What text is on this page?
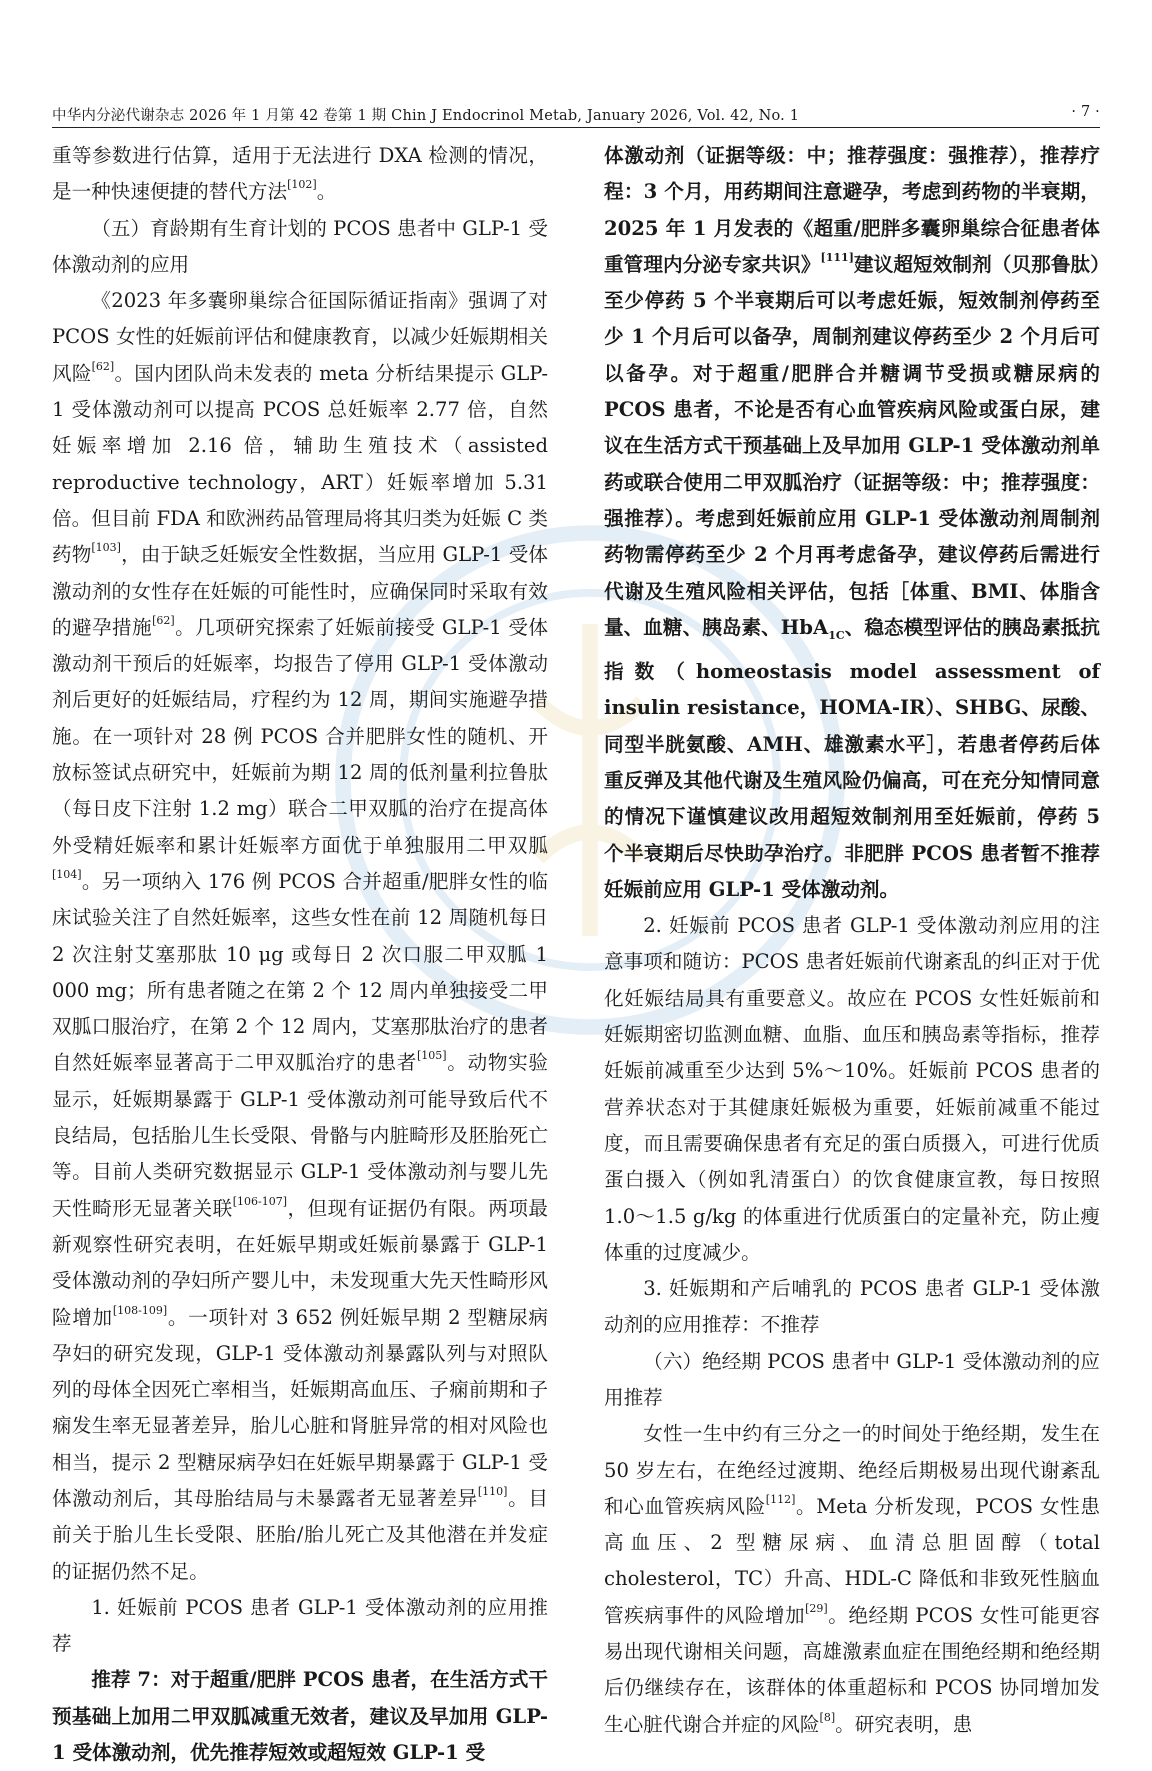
中华内分泌代谢杂志 2026 年 1 月第 42 卷第 1 期 Chin J Endocrinol Metab, January 2026, Vol. 42, No. 1	· 7 ·

重等参数进行估算，适用于无法进行 DXA 检测的情况，是一种快速便捷的替代方法[102]。

（五）育龄期有生育计划的 PCOS 患者中 GLP-1 受体激动剂的应用

《2023 年多囊卵巢综合征国际循证指南》强调了对 PCOS 女性的妊娠前评估和健康教育，以减少妊娠期相关风险[62]。国内团队尚未发表的 meta 分析结果提示 GLP-1 受体激动剂可以提高 PCOS 总妊娠率 2.77 倍，自然妊娠率增加 2.16 倍，辅助生殖技术（assisted reproductive technology，ART）妊娠率增加 5.31 倍。但目前 FDA 和欧洲药品管理局将其归类为妊娠 C 类药物[103]，由于缺乏妊娠安全性数据，当应用 GLP-1 受体激动剂的女性存在妊娠的可能性时，应确保同时采取有效的避孕措施[62]。几项研究探索了妊娠前接受 GLP-1 受体激动剂干预后的妊娠率，均报告了停用 GLP-1 受体激动剂后更好的妊娠结局，疗程约为 12 周，期间实施避孕措施。在一项针对 28 例 PCOS 合并肥胖女性的随机、开放标签试点研究中，妊娠前为期 12 周的低剂量利拉鲁肽（每日皮下注射 1.2 mg）联合二甲双胍的治疗在提高体外受精妊娠率和累计妊娠率方面优于单独服用二甲双胍[104]。另一项纳入 176 例 PCOS 合并超重/肥胖女性的临床试验关注了自然妊娠率，这些女性在前 12 周随机每日 2 次注射艾塞那肽 10 μg 或每日 2 次口服二甲双胍 1 000 mg；所有患者随之在第 2 个 12 周内单独接受二甲双胍口服治疗，在第 2 个 12 周内，艾塞那肽治疗的患者自然妊娠率显著高于二甲双胍治疗的患者[105]。动物实验显示，妊娠期暴露于 GLP-1 受体激动剂可能导致后代不良结局，包括胎儿生长受限、骨骼与内脏畸形及胚胎死亡等。目前人类研究数据显示 GLP-1 受体激动剂与婴儿先天性畸形无显著关联[106-107]，但现有证据仍有限。两项最新观察性研究表明，在妊娠早期或妊娠前暴露于 GLP-1 受体激动剂的孕妇所产婴儿中，未发现重大先天性畸形风险增加[108-109]。一项针对 3 652 例妊娠早期 2 型糖尿病孕妇的研究发现，GLP-1 受体激动剂暴露队列与对照队列的母体全因死亡率相当，妊娠期高血压、子痫前期和子痫发生率无显著差异，胎儿心脏和肾脏异常的相对风险也相当，提示 2 型糖尿病孕妇在妊娠早期暴露于 GLP-1 受体激动剂后，其母胎结局与未暴露者无显著差异[110]。目前关于胎儿生长受限、胚胎/胎儿死亡及其他潜在并发症的证据仍然不足。

1. 妊娠前 PCOS 患者 GLP-1 受体激动剂的应用推荐

推荐 7：对于超重/肥胖 PCOS 患者，在生活方式干预基础上加用二甲双胍减重无效者，建议及早加用 GLP-1 受体激动剂，优先推荐短效或超短效 GLP-1 受

体激动剂（证据等级：中；推荐强度：强推荐），推荐疗程：3 个月，用药期间注意避孕，考虑到药物的半衰期，2025 年 1 月发表的《超重/肥胖多囊卵巢综合征患者体重管理内分泌专家共识》[111]建议超短效制剂（贝那鲁肽）至少停药 5 个半衰期后可以考虑妊娠，短效制剂停药至少 1 个月后可以备孕，周制剂建议停药至少 2 个月后可以备孕。对于超重/肥胖合并糖调节受损或糖尿病的 PCOS 患者，不论是否有心血管疾病风险或蛋白尿，建议在生活方式干预基础上及早加用 GLP-1 受体激动剂单药或联合使用二甲双胍治疗（证据等级：中；推荐强度：强推荐）。考虑到妊娠前应用 GLP-1 受体激动剂周制剂药物需停药至少 2 个月再考虑备孕，建议停药后需进行代谢及生殖风险相关评估，包括［体重、BMI、体脂含量、血糖、胰岛素、HbA$_{1C}$、稳态模型评估的胰岛素抵抗指数（homeostasis model assessment of insulin resistance，HOMA-IR）、SHBG、尿酸、同型半胱氨酸、AMH、雄激素水平］，若患者停药后体重反弹及其他代谢及生殖风险仍偏高，可在充分知情同意的情况下谨慎建议改用超短效制剂用至妊娠前，停药 5 个半衰期后尽快助孕治疗。非肥胖 PCOS 患者暂不推荐妊娠前应用 GLP-1 受体激动剂。

2. 妊娠前 PCOS 患者 GLP-1 受体激动剂应用的注意事项和随访：PCOS 患者妊娠前代谢紊乱的纠正对于优化妊娠结局具有重要意义。故应在 PCOS 女性妊娠前和妊娠期密切监测血糖、血脂、血压和胰岛素等指标，推荐妊娠前减重至少达到 5%～10%。妊娠前 PCOS 患者的营养状态对于其健康妊娠极为重要，妊娠前减重不能过度，而且需要确保患者有充足的蛋白质摄入，可进行优质蛋白摄入（例如乳清蛋白）的饮食健康宣教，每日按照 1.0～1.5 g/kg 的体重进行优质蛋白的定量补充，防止瘦体重的过度减少。

3. 妊娠期和产后哺乳的 PCOS 患者 GLP-1 受体激动剂的应用推荐：不推荐

（六）绝经期 PCOS 患者中 GLP-1 受体激动剂的应用推荐

女性一生中约有三分之一的时间处于绝经期，发生在 50 岁左右，在绝经过渡期、绝经后期极易出现代谢紊乱和心血管疾病风险[112]。Meta 分析发现，PCOS 女性患高血压、2 型糖尿病、血清总胆固醇（total cholesterol，TC）升高、HDL-C 降低和非致死性脑血管疾病事件的风险增加[29]。绝经期 PCOS 女性可能更容易出现代谢相关问题，高雄激素血症在围绝经期和绝经期后仍继续存在，该群体的体重超标和 PCOS 协同增加发生心脏代谢合并症的风险[8]。研究表明，患
